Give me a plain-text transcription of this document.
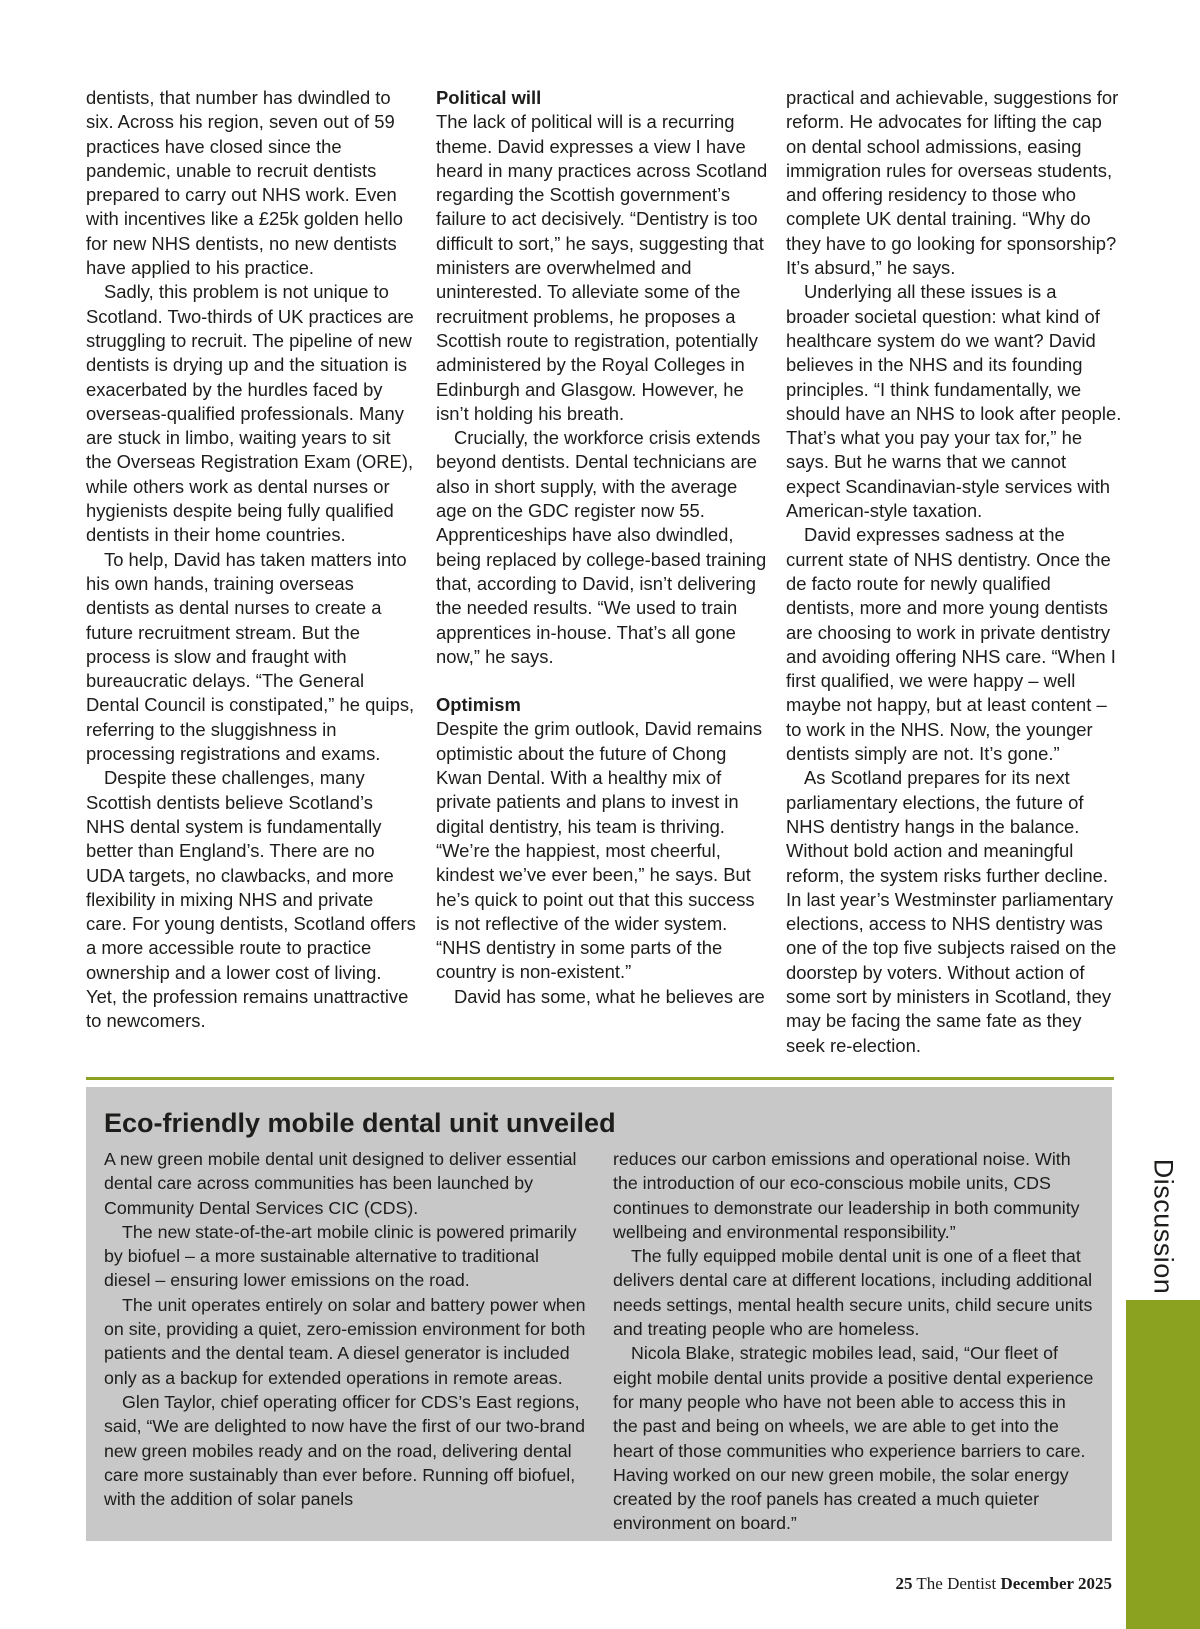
dentists, that number has dwindled to six. Across his region, seven out of 59 practices have closed since the pandemic, unable to recruit dentists prepared to carry out NHS work. Even with incentives like a £25k golden hello for new NHS dentists, no new dentists have applied to his practice.

Sadly, this problem is not unique to Scotland. Two-thirds of UK practices are struggling to recruit. The pipeline of new dentists is drying up and the situation is exacerbated by the hurdles faced by overseas-qualified professionals. Many are stuck in limbo, waiting years to sit the Overseas Registration Exam (ORE), while others work as dental nurses or hygienists despite being fully qualified dentists in their home countries.

To help, David has taken matters into his own hands, training overseas dentists as dental nurses to create a future recruitment stream. But the process is slow and fraught with bureaucratic delays. “The General Dental Council is constipated,” he quips, referring to the sluggishness in processing registrations and exams.

Despite these challenges, many Scottish dentists believe Scotland’s NHS dental system is fundamentally better than England’s. There are no UDA targets, no clawbacks, and more flexibility in mixing NHS and private care. For young dentists, Scotland offers a more accessible route to practice ownership and a lower cost of living. Yet, the profession remains unattractive to newcomers.

Political will

The lack of political will is a recurring theme. David expresses a view I have heard in many practices across Scotland regarding the Scottish government’s failure to act decisively. “Dentistry is too difficult to sort,” he says, suggesting that ministers are overwhelmed and uninterested. To alleviate some of the recruitment problems, he proposes a Scottish route to registration, potentially administered by the Royal Colleges in Edinburgh and Glasgow. However, he isn’t holding his breath.

Crucially, the workforce crisis extends beyond dentists. Dental technicians are also in short supply, with the average age on the GDC register now 55. Apprenticeships have also dwindled, being replaced by college-based training that, according to David, isn’t delivering the needed results. “We used to train apprentices in-house. That’s all gone now,” he says.

Optimism

Despite the grim outlook, David remains optimistic about the future of Chong Kwan Dental. With a healthy mix of private patients and plans to invest in digital dentistry, his team is thriving. “We’re the happiest, most cheerful, kindest we’ve ever been,” he says. But he’s quick to point out that this success is not reflective of the wider system. “NHS dentistry in some parts of the country is non-existent.”

David has some, what he believes are

practical and achievable, suggestions for reform. He advocates for lifting the cap on dental school admissions, easing immigration rules for overseas students, and offering residency to those who complete UK dental training. “Why do they have to go looking for sponsorship? It’s absurd,” he says.

Underlying all these issues is a broader societal question: what kind of healthcare system do we want? David believes in the NHS and its founding principles. “I think fundamentally, we should have an NHS to look after people. That’s what you pay your tax for,” he says. But he warns that we cannot expect Scandinavian-style services with American-style taxation.

David expresses sadness at the current state of NHS dentistry. Once the de facto route for newly qualified dentists, more and more young dentists are choosing to work in private dentistry and avoiding offering NHS care. “When I first qualified, we were happy – well maybe not happy, but at least content – to work in the NHS. Now, the younger dentists simply are not. It’s gone.”

As Scotland prepares for its next parliamentary elections, the future of NHS dentistry hangs in the balance. Without bold action and meaningful reform, the system risks further decline. In last year’s Westminster parliamentary elections, access to NHS dentistry was one of the top five subjects raised on the doorstep by voters. Without action of some sort by ministers in Scotland, they may be facing the same fate as they seek re-election.

Eco-friendly mobile dental unit unveiled

A new green mobile dental unit designed to deliver essential dental care across communities has been launched by Community Dental Services CIC (CDS).

The new state-of-the-art mobile clinic is powered primarily by biofuel – a more sustainable alternative to traditional diesel – ensuring lower emissions on the road.

The unit operates entirely on solar and battery power when on site, providing a quiet, zero-emission environment for both patients and the dental team. A diesel generator is included only as a backup for extended operations in remote areas.

Glen Taylor, chief operating officer for CDS’s East regions, said, “We are delighted to now have the first of our two-brand new green mobiles ready and on the road, delivering dental care more sustainably than ever before. Running off biofuel, with the addition of solar panels

reduces our carbon emissions and operational noise. With the introduction of our eco-conscious mobile units, CDS continues to demonstrate our leadership in both community wellbeing and environmental responsibility.”

The fully equipped mobile dental unit is one of a fleet that delivers dental care at different locations, including additional needs settings, mental health secure units, child secure units and treating people who are homeless.

Nicola Blake, strategic mobiles lead, said, “Our fleet of eight mobile dental units provide a positive dental experience for many people who have not been able to access this in the past and being on wheels, we are able to get into the heart of those communities who experience barriers to care. Having worked on our new green mobile, the solar energy created by the roof panels has created a much quieter environment on board.”

Discussion
25 The Dentist December 2025
